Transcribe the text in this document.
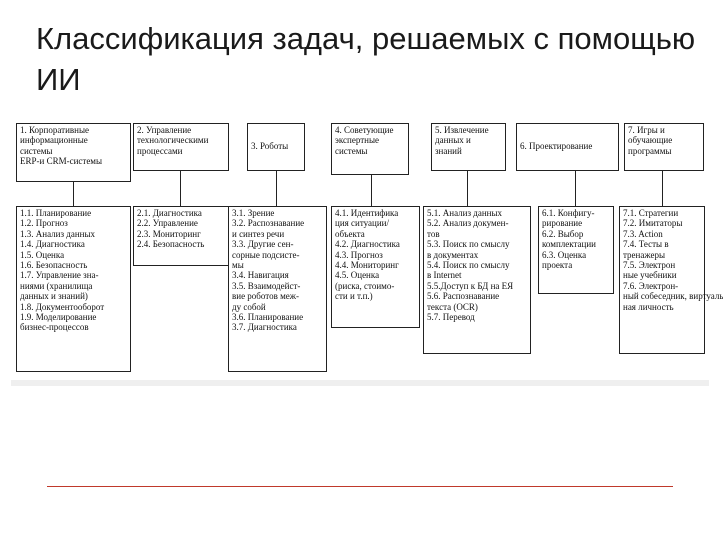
Классификация задач, решаемых с помощью ИИ
1. Корпоративные
информационные
системы
ERP-и CRM-системы
1.1. Планирование
1.2. Прогноз
1.3. Анализ данных
1.4. Диагностика
1.5. Оценка
1.6. Безопасность
1.7. Управление зна-
ниями (хранилища
данных и знаний)
1.8. Документооборот
1.9. Моделирование
бизнес-процессов
2. Управление
технологическими
процессами
2.1. Диагностика
2.2. Управление
2.3. Мониторинг
2.4. Безопасность
3. Роботы
3.1. Зрение
3.2. Распознавание
и синтез речи
3.3. Другие сен-
сорные подсисте-
мы
3.4. Навигация
3.5. Взаимодейст-
вие роботов меж-
ду собой
3.6. Планирование
3.7. Диагностика
4. Советующие
экспертные
системы
4.1. Идентифика
ция ситуации/
объекта
4.2. Диагностика
4.3. Прогноз
4.4. Мониторинг
4.5. Оценка
(риска, стоимо-
сти и т.п.)
5. Извлечение
данных и
знаний
5.1. Анализ данных
5.2. Анализ докумен-
тов
5.3. Поиск по смыслу
в документах
5.4. Поиск по смыслу
в Internet
5.5.Доступ к БД на ЕЯ
5.6. Распознавание
текста (OCR)
5.7. Перевод
6. Проектирование
6.1. Конфигу-
рирование
6.2. Выбор
комплектации
6.3. Оценка
проекта
7. Игры и
обучающие
программы
7.1. Стратегии
7.2. Имитаторы
7.3. Action
7.4. Тесты в
тренажеры
7.5. Электрон
ные учебники
7.6. Электрон-
ный собеседник, виртуаль
ная личность
